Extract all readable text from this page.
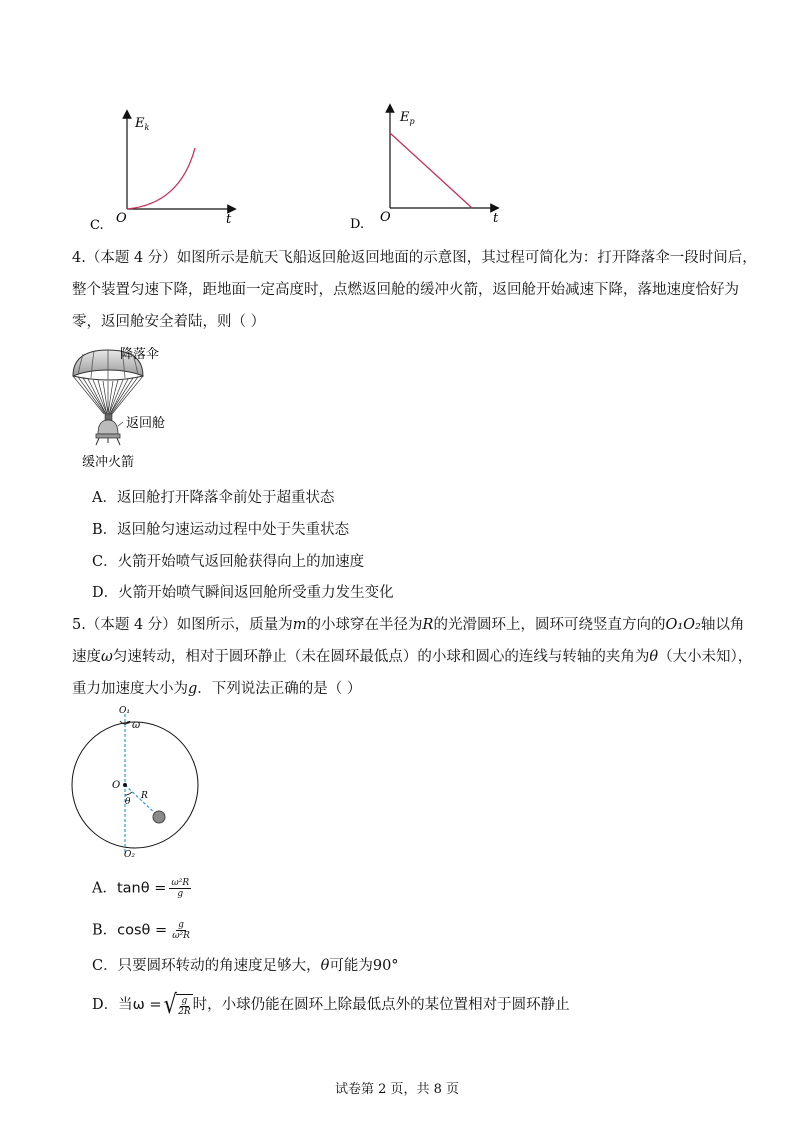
C. O	t
$E_k$
D. O	t
$E_p$
4.（本题 4 分）如图所示是航天飞船返回舱返回地面的示意图，其过程可简化为：打开降落伞一段时间后，
整个装置匀速下降，距地面一定高度时，点燃返回舱的缓冲火箭，返回舱开始减速下降，落地速度恰好为
零，返回舱安全着陆，则（ ）
降落伞
返回舱
缓冲火箭
A．返回舱打开降落伞前处于超重状态
B．返回舱匀速运动过程中处于失重状态
C．火箭开始喷气返回舱获得向上的加速度
D．火箭开始喷气瞬间返回舱所受重力发生变化
5.（本题 4 分）如图所示，质量为m的小球穿在半径为R的光滑圆环上，圆环可绕竖直方向的O₁O₂轴以角
速度ω匀速转动，相对于圆环静止（未在圆环最低点）的小球和圆心的连线与转轴的夹角为θ（大小未知），
重力加速度大小为g．下列说法正确的是（ ）
O₁
ω
O
θ
R
O₂
A．$\tan\theta = \frac{\text{ω²R}}{g}$
B．$\cos\theta = \frac{g}{\text{ω²R}}$
C．只要圆环转动的角速度足够大，θ可能为90°
D．当ω = √ $\frac{g}{2R}$ 时，小球仍能在圆环上除最低点外的某位置相对于圆环静止
试卷第 2 页，共 8 页
